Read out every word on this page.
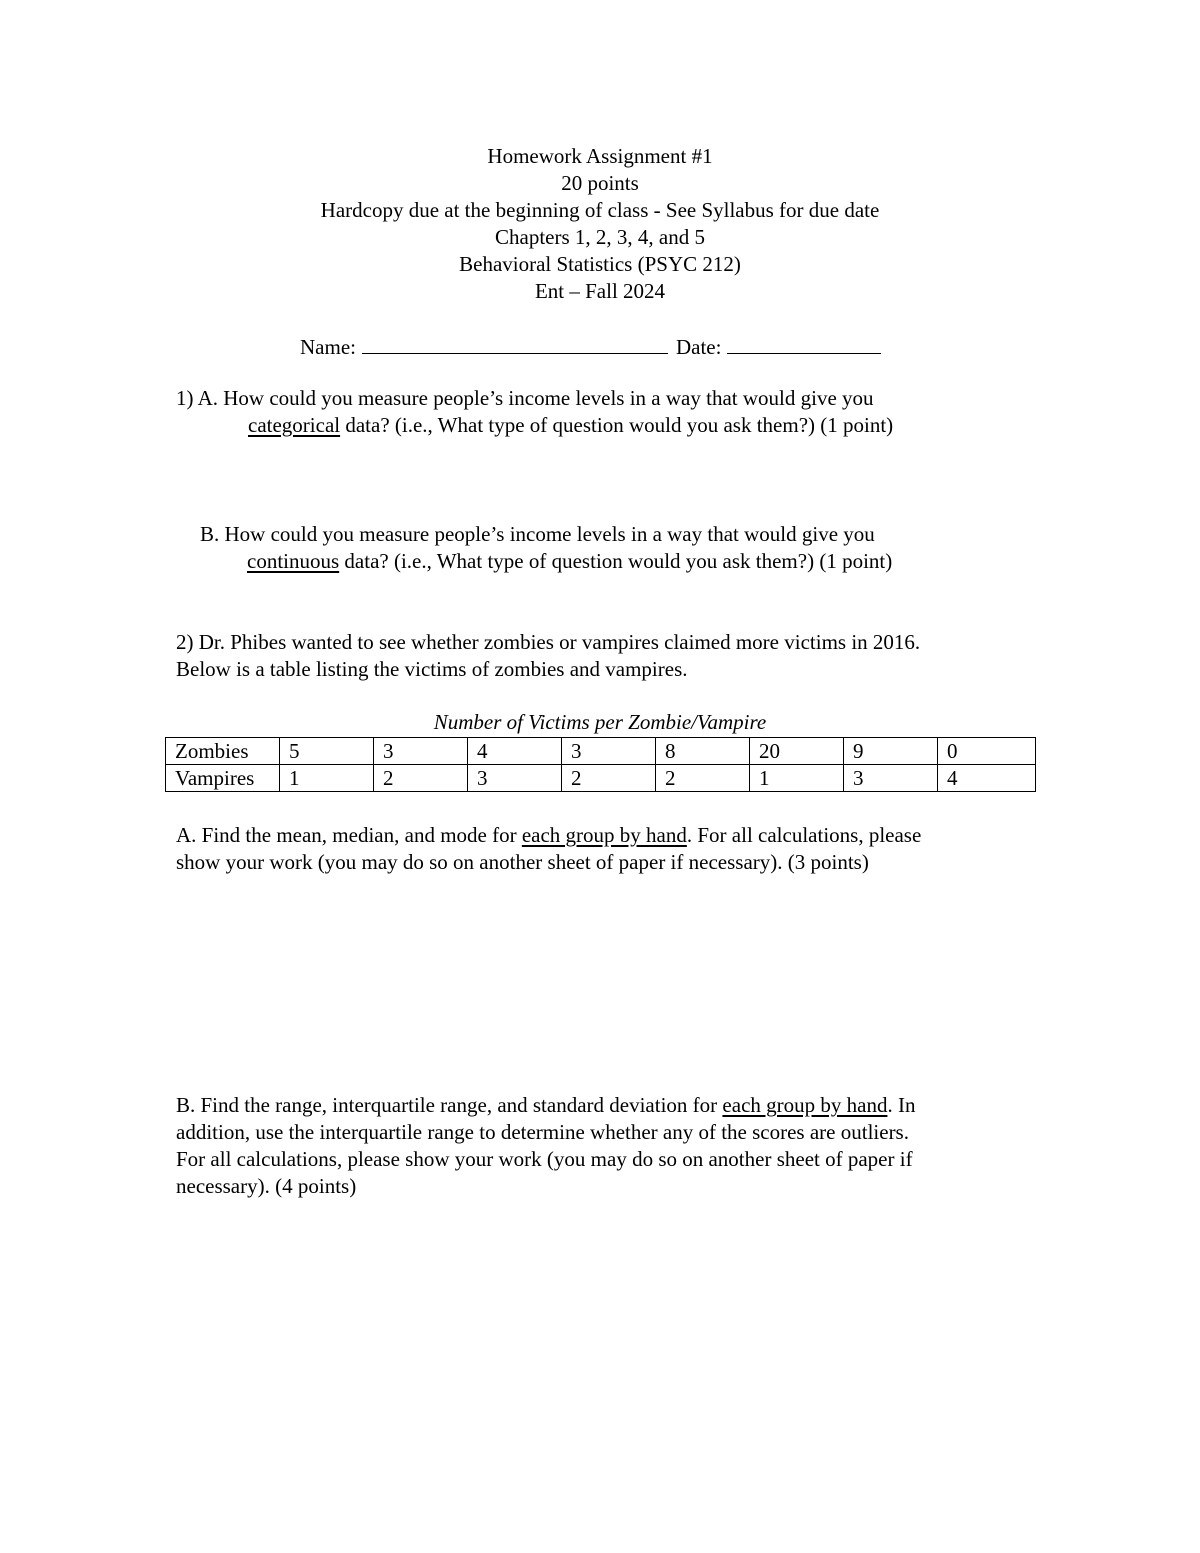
Homework Assignment #1
20 points
Hardcopy due at the beginning of class - See Syllabus for due date
Chapters 1, 2, 3, 4, and 5
Behavioral Statistics (PSYC 212)
Ent – Fall 2024
Name:	Date:
1) A. How could you measure people’s income levels in a way that would give you
categorical data? (i.e., What type of question would you ask them?) (1 point)
B. How could you measure people’s income levels in a way that would give you
continuous data? (i.e., What type of question would you ask them?) (1 point)
2) Dr. Phibes wanted to see whether zombies or vampires claimed more victims in 2016.
Below is a table listing the victims of zombies and vampires.
Number of Victims per Zombie/Vampire
Zombies	5	3	4	3	8	20	9	0
Vampires	1	2	3	2	2	1	3	4
A. Find the mean, median, and mode for each group by hand. For all calculations, please
show your work (you may do so on another sheet of paper if necessary). (3 points)
B. Find the range, interquartile range, and standard deviation for each group by hand. In
addition, use the interquartile range to determine whether any of the scores are outliers.
For all calculations, please show your work (you may do so on another sheet of paper if
necessary). (4 points)
